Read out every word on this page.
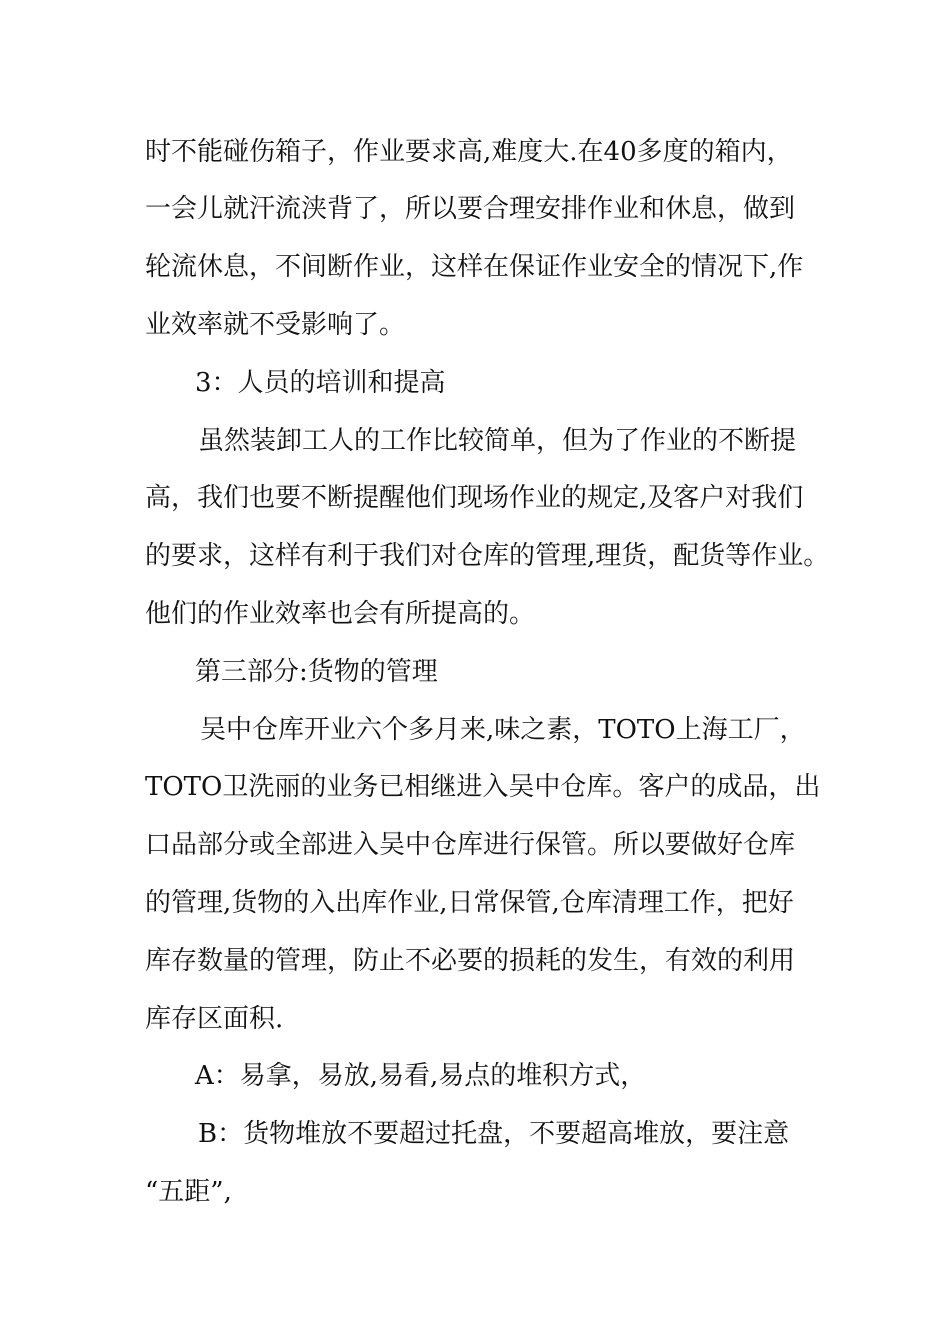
时不能碰伤箱子，作业要求高,难度大.在40多度的箱内，
一会儿就汗流浃背了，所以要合理安排作业和休息，做到
轮流休息，不间断作业，这样在保证作业安全的情况下,作
业效率就不受影响了。
3：人员的培训和提高
虽然装卸工人的工作比较简单，但为了作业的不断提
高，我们也要不断提醒他们现场作业的规定,及客户对我们
的要求，这样有利于我们对仓库的管理,理货，配货等作业。
他们的作业效率也会有所提高的。
第三部分:货物的管理
吴中仓库开业六个多月来,味之素，TOTO上海工厂，
TOTO卫洗丽的业务已相继进入吴中仓库。客户的成品，出
口品部分或全部进入吴中仓库进行保管。所以要做好仓库
的管理,货物的入出库作业,日常保管,仓库清理工作，把好
库存数量的管理，防止不必要的损耗的发生，有效的利用
库存区面积.
A：易拿，易放,易看,易点的堆积方式，
B：货物堆放不要超过托盘，不要超高堆放，要注意
“五距”,
